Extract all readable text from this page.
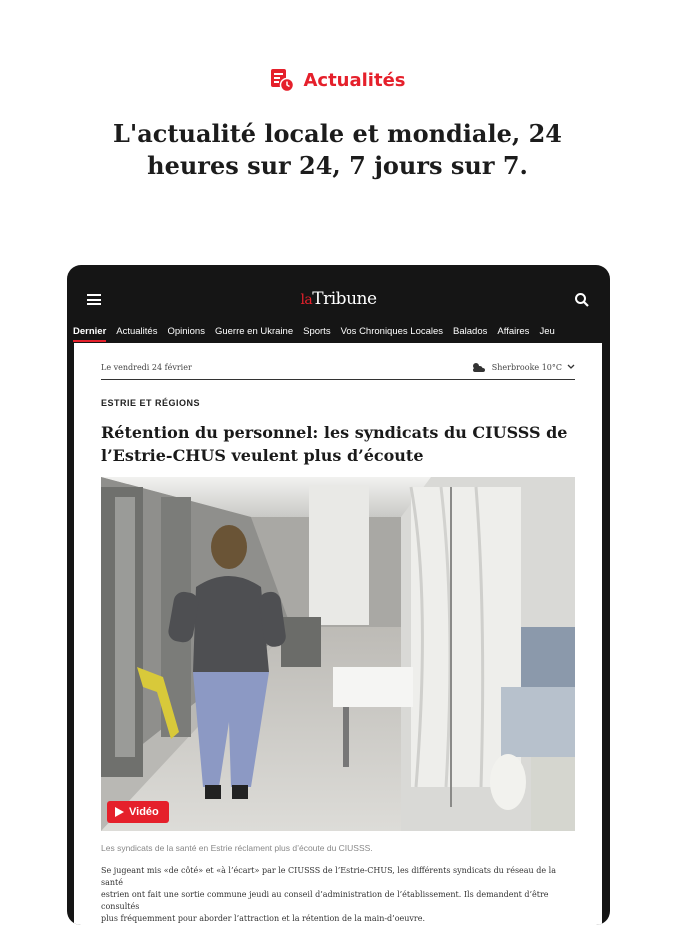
Actualités
L'actualité locale et mondiale, 24
heures sur 24, 7 jours sur 7.
laTribune
Dernier Actualités Opinions Guerre en Ukraine Sports Vos Chroniques Locales Balados Affaires Jeu
Le vendredi 24 février	Sherbrooke 10°C
ESTRIE ET RÉGIONS
Rétention du personnel: les syndicats du CIUSSS de
l’Estrie-CHUS veulent plus d’écoute
Vidéo
Les syndicats de la santé en Estrie réclament plus d’écoute du CIUSSS.
Se jugeant mis «de côté» et «à l’écart» par le CIUSSS de l’Estrie-CHUS, les différents syndicats du réseau de la santé
estrien ont fait une sortie commune jeudi au conseil d’administration de l’établissement. Ils demandent d’être consultés
plus fréquemment pour aborder l’attraction et la rétention de la main-d’oeuvre.
